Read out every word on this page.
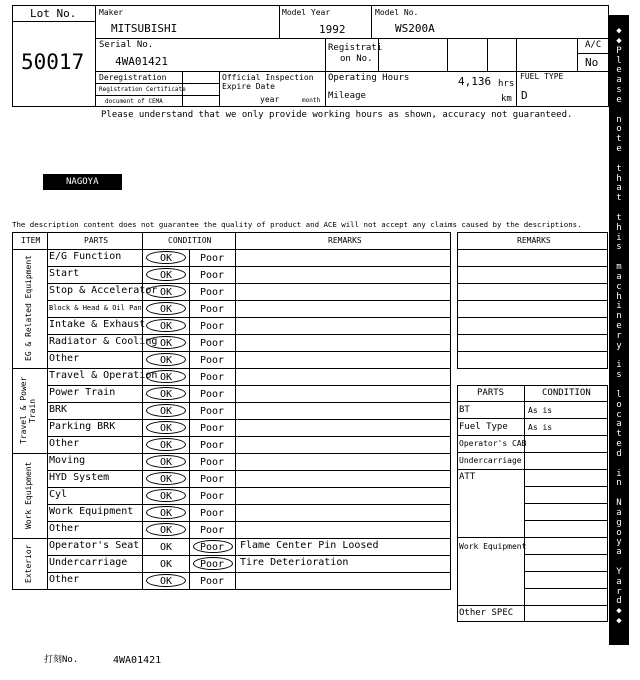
Lot No.
50017
Maker
MITSUBISHI
Model Year
1992
Model No.
WS200A
Serial No.
4WA01421
Registrati
on No.
A/C
No
Deregistration
Registration Certificate
document of CEMA
Official Inspection
Expire Date
year	month
Operating Hours	4,136 hrs
Mileage	km
FUEL TYPE
D
Please understand that we only provide working hours as shown, accuracy not guaranteed.
NAGOYA
The description content does not guarantee the quality of product and ACE will not accept any claims caused by the descriptions.
ITEM	PARTS	CONDITION	REMARKS
EG & Related Equipment
Travel & Power
Train
Work Equipment
Exterior
E/G Function	OK	Poor
Start	OK	Poor
Stop & Accelerator OK	Poor
Block & Head & Oil Pan	OK	Poor
Intake & Exhaust	OK	Poor
Radiator & Cooling OK	Poor
Other	OK	Poor
Travel & Operation OK	Poor
Power Train	OK	Poor
BRK	OK	Poor
Parking BRK	OK	Poor
Other	OK	Poor
Moving	OK	Poor
HYD System	OK	Poor
Cyl	OK	Poor
Work Equipment	OK	Poor
Other	OK	Poor
Operator's Seat	OK	Poor	Flame Center Pin Loosed
Undercarriage	OK	Poor	Tire Deterioration
Other	OK	Poor
REMARKS
PARTS	CONDITION
BT	As is
Fuel Type	As is
Operator's CAB
Undercarriage
ATT
Work Equipment
Other SPEC
◆
◆
P
l
e
a
s
e
n
o
t
e
t
h
a
t
t
h
i
s
m
a
c
h
i
n
e
r
y
i
s
l
o
c
a
t
e
d
i
n
N
a
g
o
y
a
Y
a
r
d
◆
◆
打刻No.	4WA01421
